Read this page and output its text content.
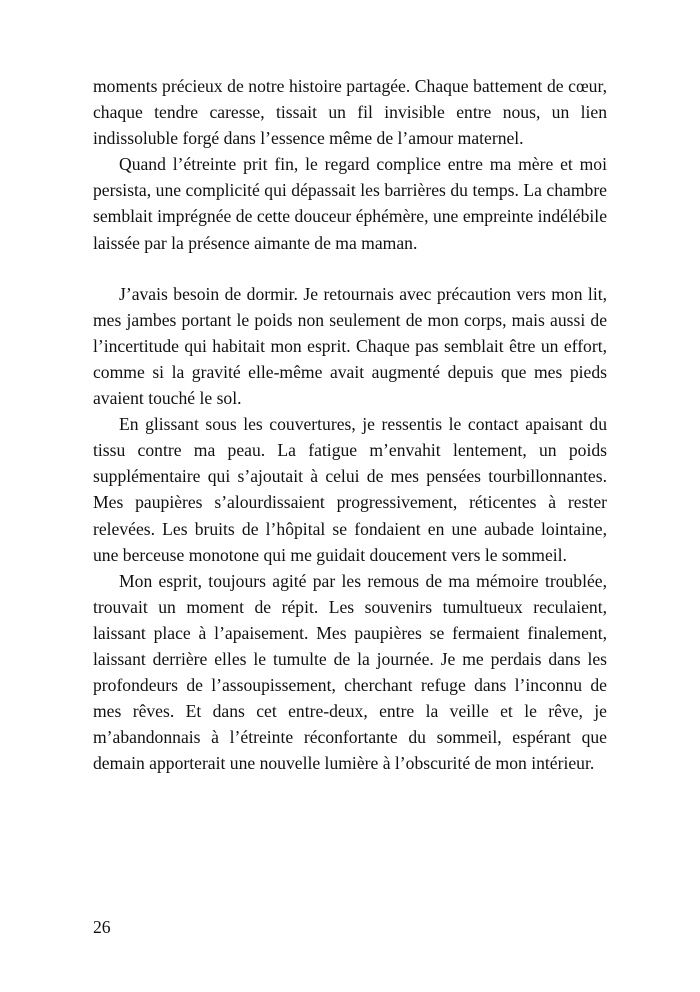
moments précieux de notre histoire partagée. Chaque battement de cœur, chaque tendre caresse, tissait un fil invisible entre nous, un lien indissoluble forgé dans l’essence même de l’amour maternel.

Quand l’étreinte prit fin, le regard complice entre ma mère et moi persista, une complicité qui dépassait les barrières du temps. La chambre semblait imprégnée de cette douceur éphémère, une empreinte indélébile laissée par la présence aimante de ma maman.

J’avais besoin de dormir. Je retournais avec précaution vers mon lit, mes jambes portant le poids non seulement de mon corps, mais aussi de l’incertitude qui habitait mon esprit. Chaque pas semblait être un effort, comme si la gravité elle-même avait augmenté depuis que mes pieds avaient touché le sol.

En glissant sous les couvertures, je ressentis le contact apaisant du tissu contre ma peau. La fatigue m’envahit lentement, un poids supplémentaire qui s’ajoutait à celui de mes pensées tourbillonnantes. Mes paupières s’alourdissaient progressivement, réticentes à rester relevées. Les bruits de l’hôpital se fondaient en une aubade lointaine, une berceuse monotone qui me guidait doucement vers le sommeil.

Mon esprit, toujours agité par les remous de ma mémoire troublée, trouvait un moment de répit. Les souvenirs tumultueux reculaient, laissant place à l’apaisement. Mes paupières se fermaient finalement, laissant derrière elles le tumulte de la journée. Je me perdais dans les profondeurs de l’assoupissement, cherchant refuge dans l’inconnu de mes rêves. Et dans cet entre-deux, entre la veille et le rêve, je m’abandonnais à l’étreinte réconfortante du sommeil, espérant que demain apporterait une nouvelle lumière à l’obscurité de mon intérieur.

26
